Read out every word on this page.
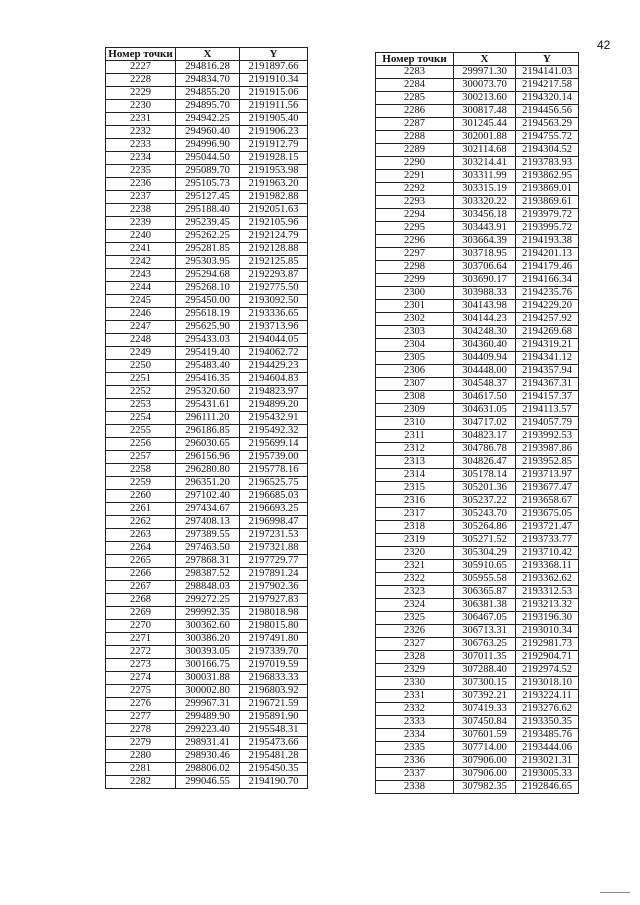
42
Номер точки	X	Y
2227	294816.28	2191897.66
2228	294834.70	2191910.34
2229	294855.20	2191915.06
2230	294895.70	2191911.56
2231	294942.25	2191905.40
2232	294960.40	2191906.23
2233	294996.90	2191912.79
2234	295044.50	2191928.15
2235	295089.70	2191953.98
2236	295105.73	2191963.20
2237	295127.45	2191982.88
2238	295188.40	2192051.63
2239	295239.45	2192105.96
2240	295262.25	2192124.79
2241	295281.85	2192128.88
2242	295303.95	2192125.85
2243	295294.68	2192293.87
2244	295268.10	2192775.50
2245	295450.00	2193092.50
2246	295618.19	2193336.65
2247	295625.90	2193713.96
2248	295433.03	2194044.05
2249	295419.40	2194062.72
2250	295483.40	2194429.23
2251	295416.35	2194604.83
2252	295320.60	2194823.97
2253	295431.61	2194899.20
2254	296111.20	2195432.91
2255	296186.85	2195492.32
2256	296030.65	2195699.14
2257	296156.96	2195739.00
2258	296280.80	2195778.16
2259	296351.20	2196525.75
2260	297102.40	2196685.03
2261	297434.67	2196693.25
2262	297408.13	2196998.47
2263	297389.55	2197231.53
2264	297463.50	2197321.88
2265	297868.31	2197729.77
2266	298387.52	2197891.24
2267	298848.03	2197902.36
2268	299272.25	2197927.83
2269	299992.35	2198018.98
2270	300362.60	2198015.80
2271	300386.20	2197491.80
2272	300393.05	2197339.70
2273	300166.75	2197019.59
2274	300031.88	2196833.33
2275	300002.80	2196803.92
2276	299967.31	2196721.59
2277	299489.90	2195891.90
2278	299223.40	2195548.31
2279	298931.41	2195473.66
2280	298930.46	2195481.28
2281	298806.02	2195450.35
2282	299046.55	2194190.70
Номер точки	X	Y
2283	299971.30	2194141.03
2284	300073.70	2194217.58
2285	300213.60	2194320.14
2286	300817.48	2194456.56
2287	301245.44	2194563.29
2288	302001.88	2194755.72
2289	302114.68	2194304.52
2290	303214.41	2193783.93
2291	303311.99	2193862.95
2292	303315.19	2193869.01
2293	303320.22	2193869.61
2294	303456.18	2193979.72
2295	303443.91	2193995.72
2296	303664.39	2194193.38
2297	303718.95	2194201.13
2298	303706.64	2194179.46
2299	303690.17	2194166.34
2300	303988.33	2194235.76
2301	304143.98	2194229.20
2302	304144.23	2194257.92
2303	304248.30	2194269.68
2304	304360.40	2194319.21
2305	304409.94	2194341.12
2306	304448.00	2194357.94
2307	304548.37	2194367.31
2308	304617.50	2194157.37
2309	304631.05	2194113.57
2310	304717.02	2194057.79
2311	304823.17	2193992.53
2312	304786.78	2193987.86
2313	304826.47	2193952.85
2314	305178.14	2193713.97
2315	305201.36	2193677.47
2316	305237.22	2193658.67
2317	305243.70	2193675.05
2318	305264.86	2193721.47
2319	305271.52	2193733.77
2320	305304.29	2193710.42
2321	305910.65	2193368.11
2322	305955.58	2193362.62
2323	306365.87	2193312.53
2324	306381.38	2193213.32
2325	306467.05	2193196.30
2326	306713.31	2193010.34
2327	306763.25	2192981.73
2328	307011.35	2192904.71
2329	307288.40	2192974.52
2330	307300.15	2193018.10
2331	307392.21	2193224.11
2332	307419.33	2193276.62
2333	307450.84	2193350.35
2334	307601.59	2193485.76
2335	307714.00	2193444.06
2336	307906.00	2193021.31
2337	307906.00	2193005.33
2338	307982.35	2192846.65
